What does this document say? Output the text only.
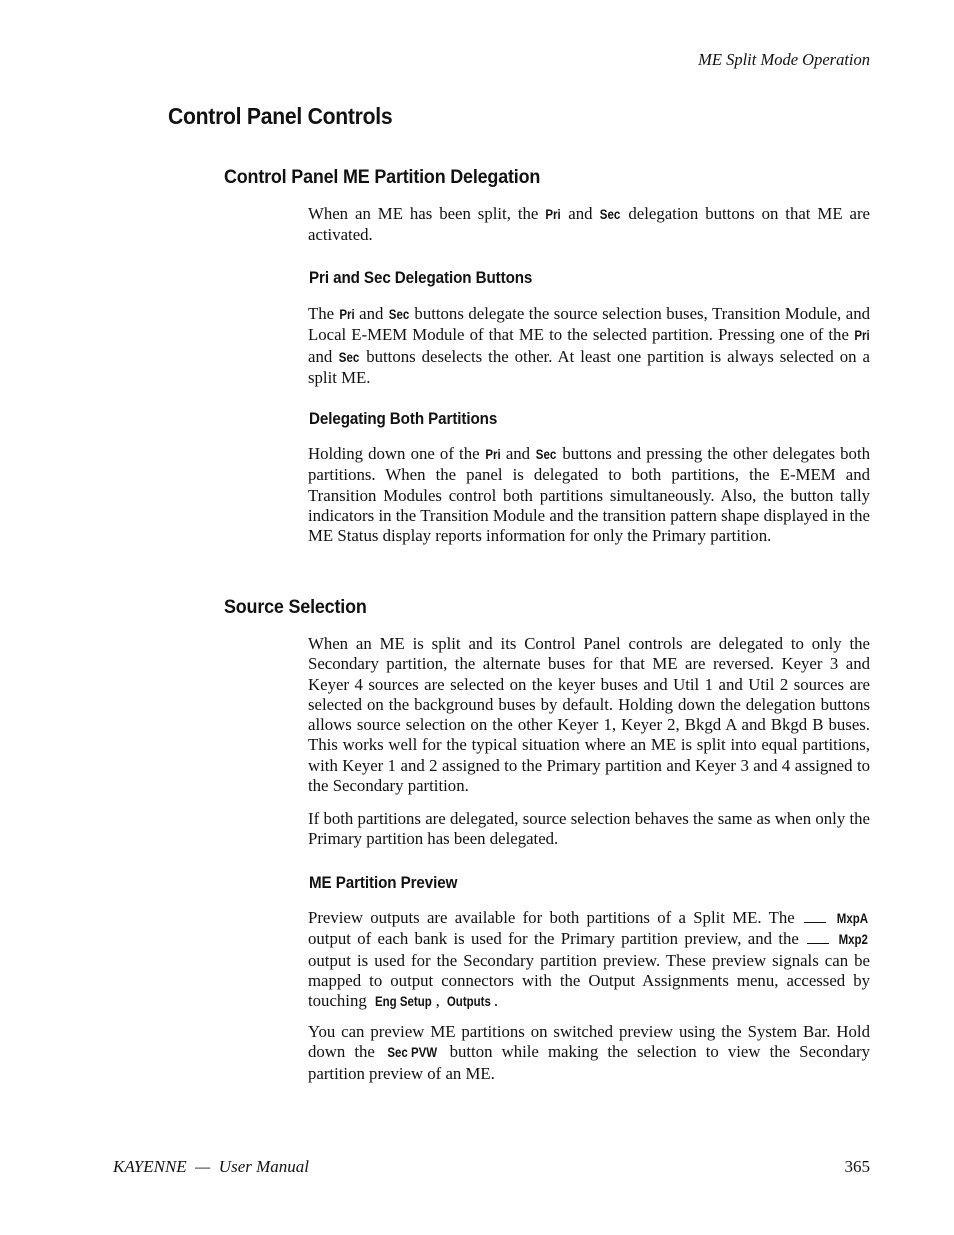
ME Split Mode Operation
Control Panel Controls
Control Panel ME Partition Delegation
When an ME has been split, the Pri and Sec delegation buttons on that ME are activated.
Pri and Sec Delegation Buttons
The Pri and Sec buttons delegate the source selection buses, Transition Module, and Local E-MEM Module of that ME to the selected partition. Pressing one of the Pri and Sec buttons deselects the other. At least one partition is always selected on a split ME.
Delegating Both Partitions
Holding down one of the Pri and Sec buttons and pressing the other delegates both partitions. When the panel is delegated to both partitions, the E-MEM and Transition Modules control both partitions simultaneously. Also, the button tally indicators in the Transition Module and the transition pattern shape displayed in the ME Status display reports information for only the Primary partition.
Source Selection
When an ME is split and its Control Panel controls are delegated to only the Secondary partition, the alternate buses for that ME are reversed. Keyer 3 and Keyer 4 sources are selected on the keyer buses and Util 1 and Util 2 sources are selected on the background buses by default. Holding down the delegation buttons allows source selection on the other Keyer 1, Keyer 2, Bkgd A and Bkgd B buses. This works well for the typical situation where an ME is split into equal partitions, with Keyer 1 and 2 assigned to the Primary partition and Keyer 3 and 4 assigned to the Secondary partition.
If both partitions are delegated, source selection behaves the same as when only the Primary partition has been delegated.
ME Partition Preview
Preview outputs are available for both partitions of a Split ME. The	MxpA output of each bank is used for the Primary partition preview, and the	Mxp2 output is used for the Secondary partition preview. These preview signals can be mapped to output connectors with the Output Assignments menu, accessed by touching Eng Setup , Outputs .
You can preview ME partitions on switched preview using the System Bar. Hold down the Sec PVW button while making the selection to view the Secondary partition preview of an ME.
KAYENNE  —  User Manual	365
